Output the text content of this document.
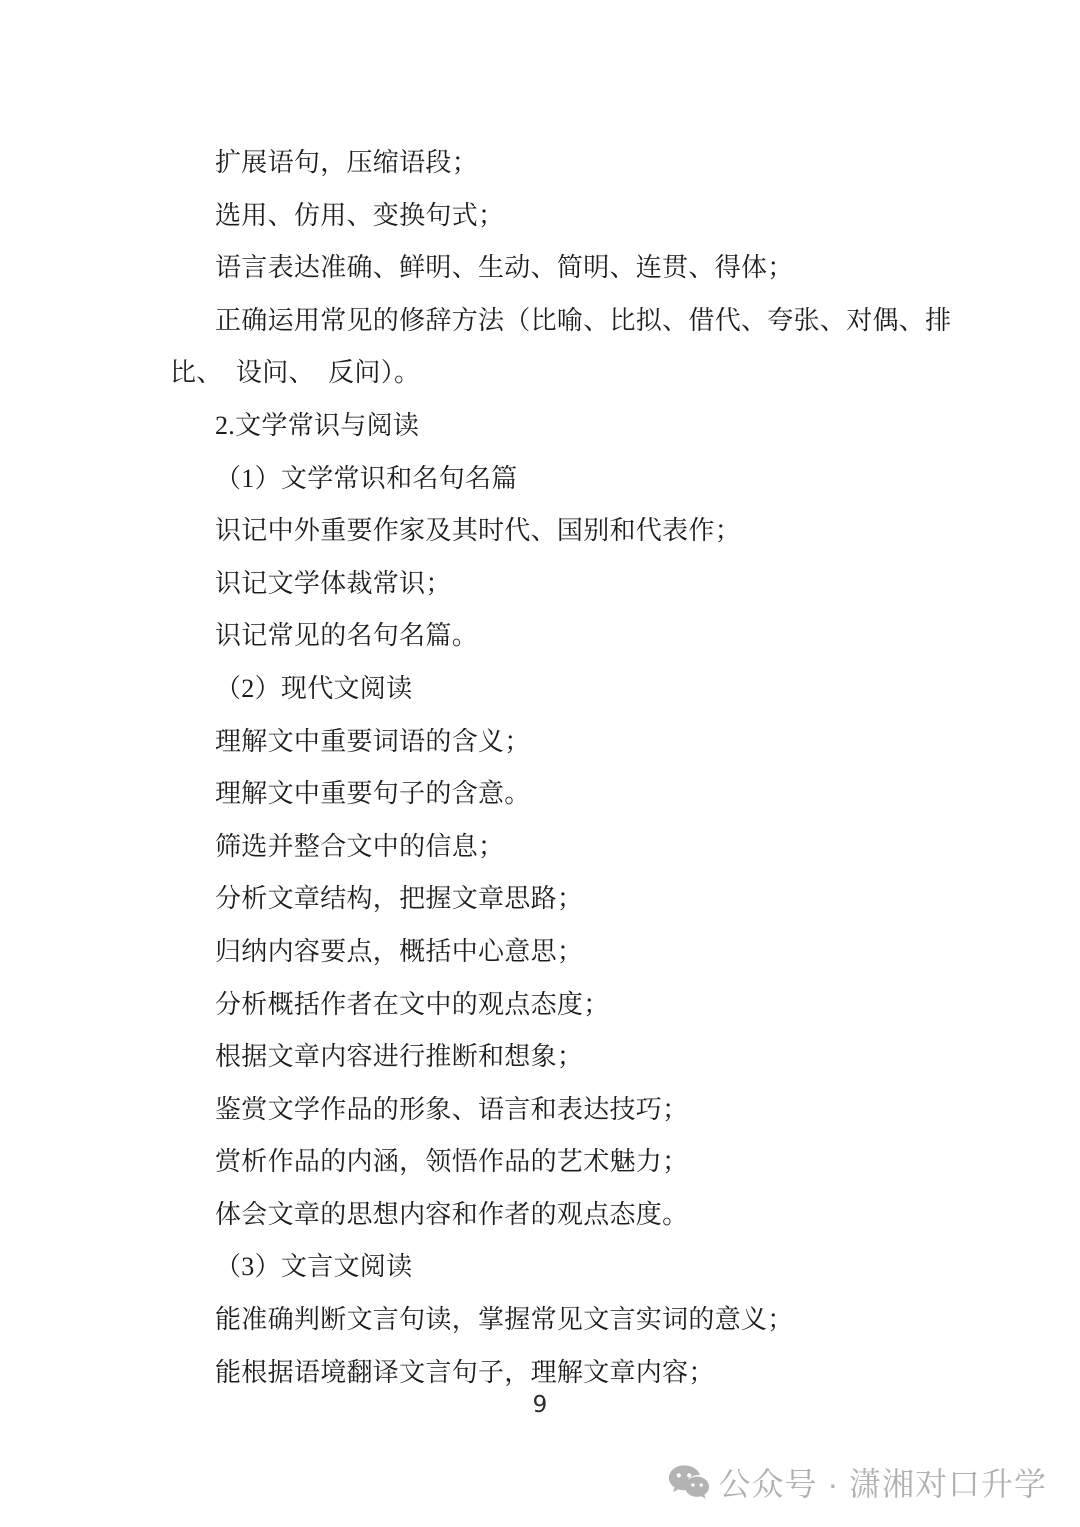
扩展语句，压缩语段；
选用、仿用、变换句式；
语言表达准确、鲜明、生动、简明、连贯、得体；
正确运用常见的修辞方法（比喻、比拟、借代、夸张、对偶、排
比、　设问、　反问）。
2.文学常识与阅读
（1）文学常识和名句名篇
识记中外重要作家及其时代、国别和代表作；
识记文学体裁常识；
识记常见的名句名篇。
（2）现代文阅读
理解文中重要词语的含义；
理解文中重要句子的含意。
筛选并整合文中的信息；
分析文章结构，把握文章思路；
归纳内容要点，概括中心意思；
分析概括作者在文中的观点态度；
根据文章内容进行推断和想象；
鉴赏文学作品的形象、语言和表达技巧；
赏析作品的内涵，领悟作品的艺术魅力；
体会文章的思想内容和作者的观点态度。
（3）文言文阅读
能准确判断文言句读，掌握常见文言实词的意义；
能根据语境翻译文言句子，理解文章内容；
9
公众号 · 潇湘对口升学
